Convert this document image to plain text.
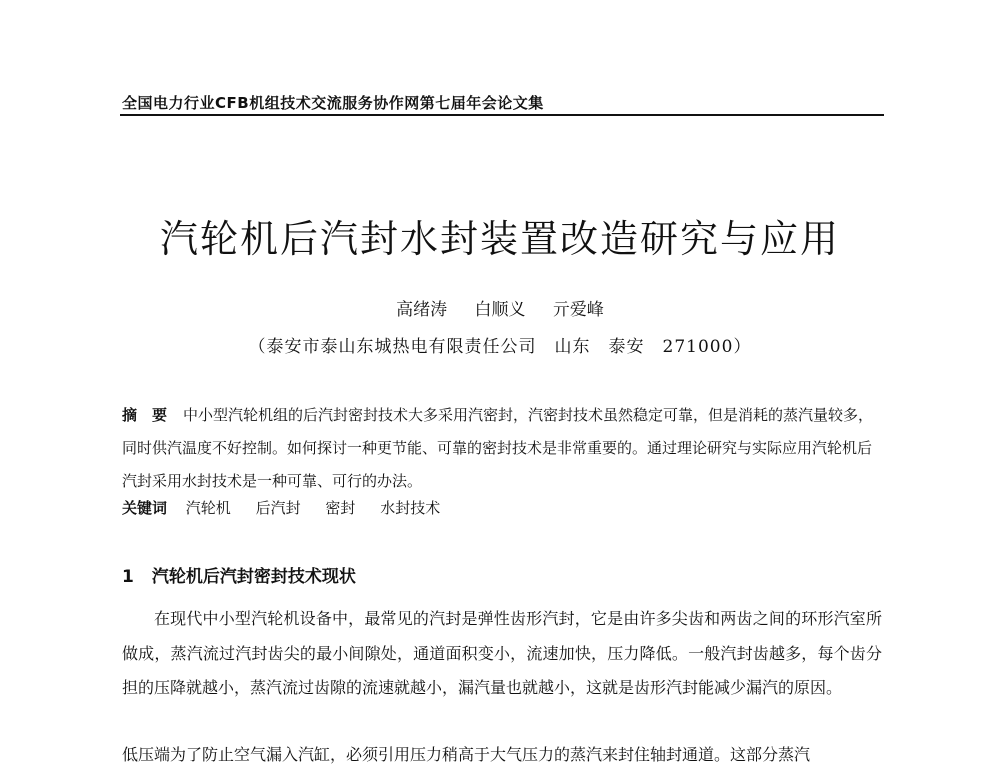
全国电力行业CFB机组技术交流服务协作网第七届年会论文集
汽轮机后汽封水封装置改造研究与应用
高绪涛 白顺义 亓爱峰
（泰安市泰山东城热电有限责任公司　山东　泰安　271000）
摘　要 中小型汽轮机组的后汽封密封技术大多采用汽密封，汽密封技术虽然稳定可靠，但是消耗的蒸汽量较多，同时供汽温度不好控制。如何探讨一种更节能、可靠的密封技术是非常重要的。通过理论研究与实际应用汽轮机后汽封采用水封技术是一种可靠、可行的办法。
关键词 汽轮机 后汽封 密封 水封技术
1 汽轮机后汽封密封技术现状
在现代中小型汽轮机设备中，最常见的汽封是弹性齿形汽封，它是由许多尖齿和两齿之间的环形汽室所做成，蒸汽流过汽封齿尖的最小间隙处，通道面积变小，流速加快，压力降低。一般汽封齿越多，每个齿分担的压降就越小，蒸汽流过齿隙的流速就越小，漏汽量也就越小，这就是齿形汽封能减少漏汽的原因。
低压端为了防止空气漏入汽缸，必须引用压力稍高于大气压力的蒸汽来封住轴封通道。这部分蒸汽
